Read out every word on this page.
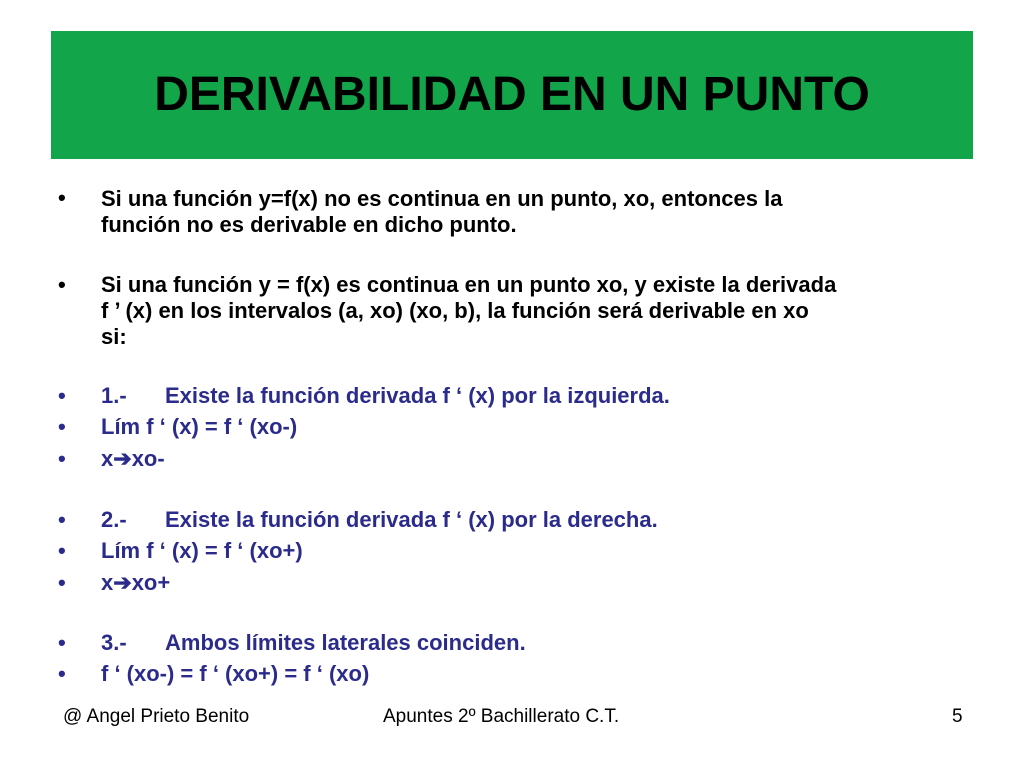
DERIVABILIDAD EN UN PUNTO
• Si una función y=f(x) no es continua en un punto, xo, entonces la
función no es derivable en dicho punto.
• Si una función y = f(x) es continua en un punto xo, y existe la derivada
f ’ (x) en los intervalos (a, xo) (xo, b), la función será derivable en xo
si:
• 1.- Existe la función derivada f ‘ (x) por la izquierda.
• Lím f ‘ (x) = f ‘ (xo-)
• x➔xo-
• 2.- Existe la función derivada f ‘ (x) por la derecha.
• Lím f ‘ (x) = f ‘ (xo+)
• x➔xo+
• 3.- Ambos límites laterales coinciden.
• f ‘ (xo-) = f ‘ (xo+) = f ‘ (xo)
@ Angel Prieto Benito	Apuntes 2º Bachillerato C.T.	5
